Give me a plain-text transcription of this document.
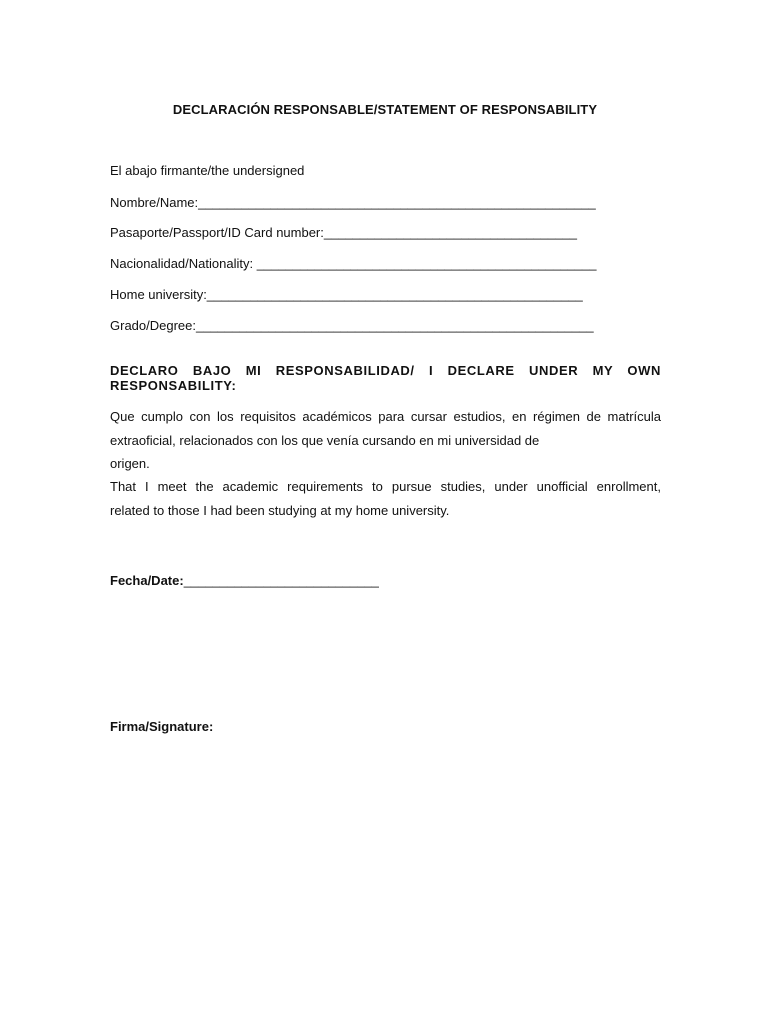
DECLARACIÓN RESPONSABLE/STATEMENT OF RESPONSABILITY
El abajo firmante/the undersigned
Nombre/Name:_______________________________________________________
Pasaporte/Passport/ID Card number:___________________________________
Nacionalidad/Nationality: _______________________________________________
Home university:____________________________________________________
Grado/Degree:_______________________________________________________
DECLARO BAJO MI RESPONSABILIDAD/ I DECLARE UNDER MY OWN
RESPONSABILITY:
Que cumplo con los requisitos académicos para cursar estudios, en régimen de matrícula extraoficial, relacionados con los que venía cursando en mi universidad de
origen.
That I meet the academic requirements to pursue studies, under unofficial enrollment,
related to those I had been studying at my home university.
Fecha/Date:___________________________
Firma/Signature:
